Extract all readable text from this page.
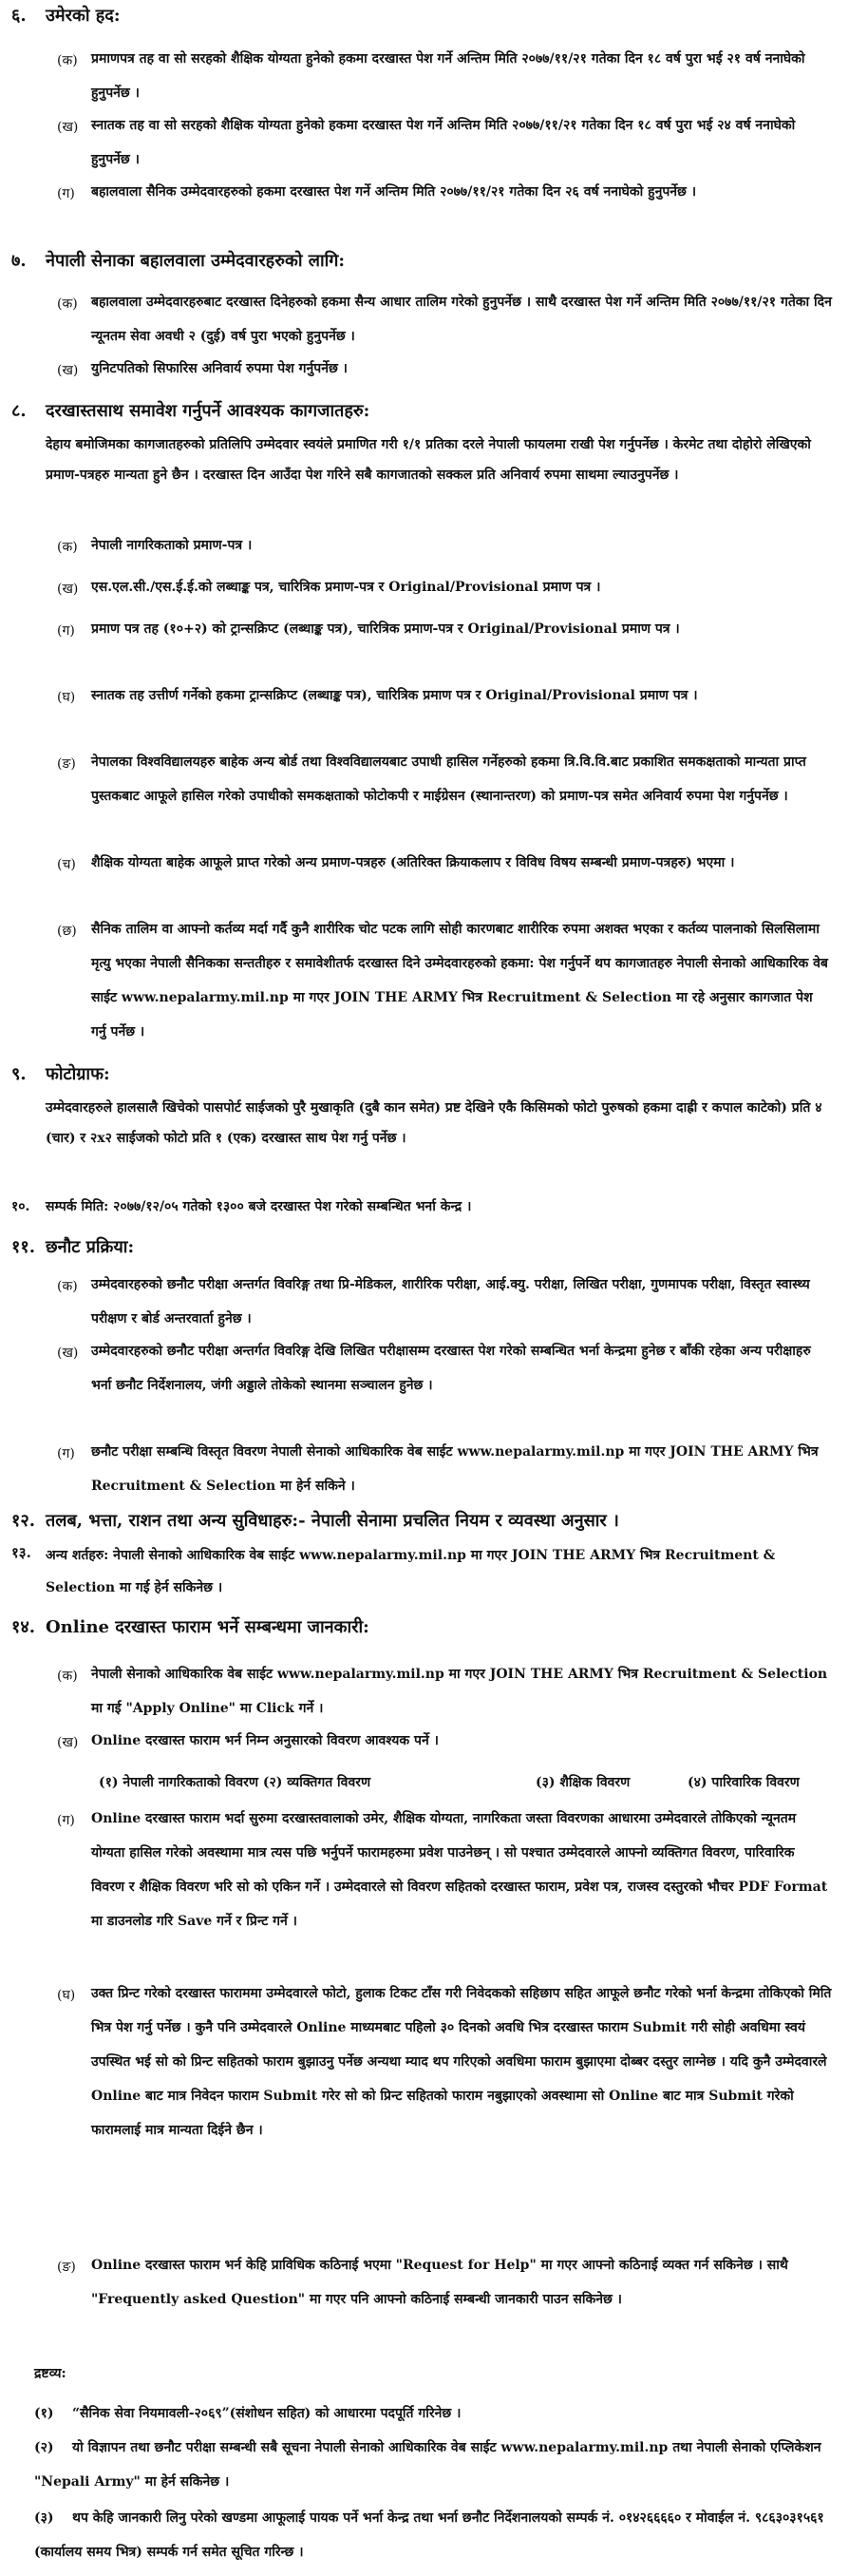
६. उमेरको हद:
(क) प्रमाणपत्र तह वा सो सरहको शैक्षिक योग्यता हुनेको हकमा दरखास्त पेश गर्ने अन्तिम मिति २०७७/११/२१ गतेका दिन १८ वर्ष पुरा भई २१ वर्ष ननाघेको हुनुपर्नेछ ।
(ख) स्नातक तह वा सो सरहको शैक्षिक योग्यता हुनेको हकमा दरखास्त पेश गर्ने अन्तिम मिति २०७७/११/२१ गतेका दिन १८ वर्ष पुरा भई २४ वर्ष ननाघेको हुनुपर्नेछ ।
(ग) बहालवाला सैनिक उम्मेदवारहरुको हकमा दरखास्त पेश गर्ने अन्तिम मिति २०७७/११/२१ गतेका दिन २६ वर्ष ननाघेको हुनुपर्नेछ ।
७. नेपाली सेनाका बहालवाला उम्मेदवारहरुको लागि:
(क) बहालवाला उम्मेदवारहरुबाट दरखास्त दिनेहरुको हकमा सैन्य आधार तालिम गरेको हुनुपर्नेछ । साथै दरखास्त पेश गर्ने अन्तिम मिति २०७७/११/२१ गतेका दिन न्यूनतम सेवा अवधी २ (दुई) वर्ष पुरा भएको हुनुपर्नेछ ।
(ख) युनिटपतिको सिफारिस अनिवार्य रुपमा पेश गर्नुपर्नेछ ।
८. दरखास्तसाथ समावेश गर्नुपर्ने आवश्यक कागजातहरु:
देहाय बमोजिमका कागजातहरुको प्रतिलिपि उम्मेदवार स्वयंले प्रमाणित गरी १/१ प्रतिका दरले नेपाली फायलमा राखी पेश गर्नुपर्नेछ । केरमेट तथा दोहोरो लेखिएको प्रमाण-पत्रहरु मान्यता हुने छैन । दरखास्त दिन आउँदा पेश गरिने सबै कागजातको सक्कल प्रति अनिवार्य रुपमा साथमा ल्याउनुपर्नेछ ।
(क) नेपाली नागरिकताको प्रमाण-पत्र ।
(ख) एस.एल.सी./एस.ई.ई.को लब्धाङ्क पत्र, चारित्रिक प्रमाण-पत्र र Original/Provisional प्रमाण पत्र ।
(ग) प्रमाण पत्र तह (१०+२) को ट्रान्सक्रिप्ट (लब्धाङ्क पत्र), चारित्रिक प्रमाण-पत्र र Original/Provisional प्रमाण पत्र ।
(घ) स्नातक तह उत्तीर्ण गर्नेको हकमा ट्रान्सक्रिप्ट (लब्धाङ्क पत्र), चारित्रिक प्रमाण पत्र र Original/Provisional प्रमाण पत्र ।
(ङ) नेपालका विश्वविद्यालयहरु बाहेक अन्य बोर्ड तथा विश्वविद्यालयबाट उपाधी हासिल गर्नेहरुको हकमा त्रि.वि.वि.बाट प्रकाशित समकक्षताको मान्यता प्राप्त पुस्तकबाट आफूले हासिल गरेको उपाधीको समकक्षताको फोटोकपी र माईग्रेसन (स्थानान्तरण) को प्रमाण-पत्र समेत अनिवार्य रुपमा पेश गर्नुपर्नेछ ।
(च) शैक्षिक योग्यता बाहेक आफूले प्राप्त गरेको अन्य प्रमाण-पत्रहरु (अतिरिक्त क्रियाकलाप र विविध विषय सम्बन्धी प्रमाण-पत्रहरु) भएमा ।
(छ) सैनिक तालिम वा आफ्नो कर्तव्य मर्दा गर्दै कुनै शारीरिक चोट पटक लागि सोही कारणबाट शारीरिक रुपमा अशक्त भएका र कर्तव्य पालनाको सिलसिलामा मृत्यु भएका नेपाली सैनिकका सन्ततीहरु र समावेशीतर्फ दरखास्त दिने उम्मेदवारहरुको हकमा: पेश गर्नुपर्ने थप कागजातहरु नेपाली सेनाको आधिकारिक वेब साईट www.nepalarmy.mil.np मा गएर JOIN THE ARMY भित्र Recruitment & Selection मा रहे अनुसार कागजात पेश गर्नु पर्नेछ ।
९. फोटोग्राफ:
उम्मेदवारहरुले हालसालै खिचेको पासपोर्ट साईजको पुरै मुखाकृति (दुबै कान समेत) प्रष्ट देखिने एकै किसिमको फोटो पुरुषको हकमा दाह्री र कपाल काटेको) प्रति ४ (चार) र २x२ साईजको फोटो प्रति १ (एक) दरखास्त साथ पेश गर्नु पर्नेछ ।
१०. सम्पर्क मिति: २०७७/१२/०५ गतेको १३०० बजे दरखास्त पेश गरेको सम्बन्धित भर्ना केन्द्र ।
११. छनौट प्रक्रिया:
(क) उम्मेदवारहरुको छनौट परीक्षा अन्तर्गत विवरिङ्ग तथा प्रि-मेडिकल, शारीरिक परीक्षा, आई.क्यु. परीक्षा, लिखित परीक्षा, गुणमापक परीक्षा, विस्तृत स्वास्थ्य परीक्षण र बोर्ड अन्तरवार्ता हुनेछ ।
(ख) उम्मेदवारहरुको छनौट परीक्षा अन्तर्गत विवरिङ्ग देखि लिखित परीक्षासम्म दरखास्त पेश गरेको सम्बन्धित भर्ना केन्द्रमा हुनेछ र बाँकी रहेका अन्य परीक्षाहरु भर्ना छनौट निर्देशनालय, जंगी अड्डाले तोकेको स्थानमा सञ्चालन हुनेछ ।
(ग) छनौट परीक्षा सम्बन्धि विस्तृत विवरण नेपाली सेनाको आधिकारिक वेब साईट www.nepalarmy.mil.np मा गएर JOIN THE ARMY भित्र Recruitment & Selection मा हेर्न सकिने ।
१२. तलब, भत्ता, राशन तथा अन्य सुविधाहरु:- नेपाली सेनामा प्रचलित नियम र व्यवस्था अनुसार ।
१३.	अन्य शर्तहरु: नेपाली सेनाको आधिकारिक वेब साईट www.nepalarmy.mil.np मा गएर JOIN THE ARMY भित्र Recruitment & Selection मा गई हेर्न सकिनेछ ।
१४. Online दरखास्त फाराम भर्ने सम्बन्धमा जानकारी:
(क) नेपाली सेनाको आधिकारिक वेब साईट www.nepalarmy.mil.np मा गएर JOIN THE ARMY भित्र Recruitment & Selection मा गई "Apply Online" मा Click गर्ने ।
(ख) Online दरखास्त फाराम भर्न निम्न अनुसारको विवरण आवश्यक पर्ने ।
(१) नेपाली नागरिकताको विवरण (२) व्यक्तिगत विवरण	(३) शैक्षिक विवरण	(४) पारिवारिक विवरण
(ग) Online दरखास्त फाराम भर्दा सुरुमा दरखास्तवालाको उमेर, शैक्षिक योग्यता, नागरिकता जस्ता विवरणका आधारमा उम्मेदवारले तोकिएको न्यूनतम योग्यता हासिल गरेको अवस्थामा मात्र त्यस पछि भर्नुपर्ने फारामहरुमा प्रवेश पाउनेछन् । सो पश्चात उम्मेदवारले आफ्नो व्यक्तिगत विवरण, पारिवारिक विवरण र शैक्षिक विवरण भरि सो को एकिन गर्ने । उम्मेदवारले सो विवरण सहितको दरखास्त फाराम, प्रवेश पत्र, राजस्व दस्तुरको भौचर PDF Format मा डाउनलोड गरि Save गर्ने र प्रिन्ट गर्ने ।
(घ) उक्त प्रिन्ट गरेको दरखास्त फाराममा उम्मेदवारले फोटो, हुलाक टिकट टाँस गरी निवेदकको सहिछाप सहित आफूले छनौट गरेको भर्ना केन्द्रमा तोकिएको मिति भित्र पेश गर्नु पर्नेछ । कुनै पनि उम्मेदवारले Online माध्यमबाट पहिलो ३० दिनको अवधि भित्र दरखास्त फाराम Submit गरी सोही अवधिमा स्वयं उपस्थित भई सो को प्रिन्ट सहितको फाराम बुझाउनु पर्नेछ अन्यथा म्याद थप गरिएको अवधिमा फाराम बुझाएमा दोब्बर दस्तुर लाग्नेछ । यदि कुनै उम्मेदवारले Online बाट मात्र निवेदन फाराम Submit गरेर सो को प्रिन्ट सहितको फाराम नबुझाएको अवस्थामा सो Online बाट मात्र Submit गरेको फारामलाई मात्र मान्यता दिईने छैन ।
(ङ) Online दरखास्त फाराम भर्न केहि प्राविधिक कठिनाई भएमा "Request for Help" मा गएर आफ्नो कठिनाई व्यक्त गर्न सकिनेछ । साथै "Frequently asked Question" मा गएर पनि आफ्नो कठिनाई सम्बन्धी जानकारी पाउन सकिनेछ ।
द्रष्टव्य:
(१) “सैनिक सेवा नियमावली-२०६९”(संशोधन सहित) को आधारमा पदपूर्ति गरिनेछ ।
(२) यो विज्ञापन तथा छनौट परीक्षा सम्बन्धी सबै सूचना नेपाली सेनाको आधिकारिक वेब साईट www.nepalarmy.mil.np तथा नेपाली सेनाको एप्लिकेशन "Nepali Army" मा हेर्न सकिनेछ ।
(३) थप केहि जानकारी लिनु परेको खण्डमा आफूलाई पायक पर्ने भर्ना केन्द्र तथा भर्ना छनौट निर्देशनालयको सम्पर्क नं. ०१४२६६६६० र मोवाईल नं. ९८६३०३१५६१ (कार्यालय समय भित्र) सम्पर्क गर्न समेत सूचित गरिन्छ ।
